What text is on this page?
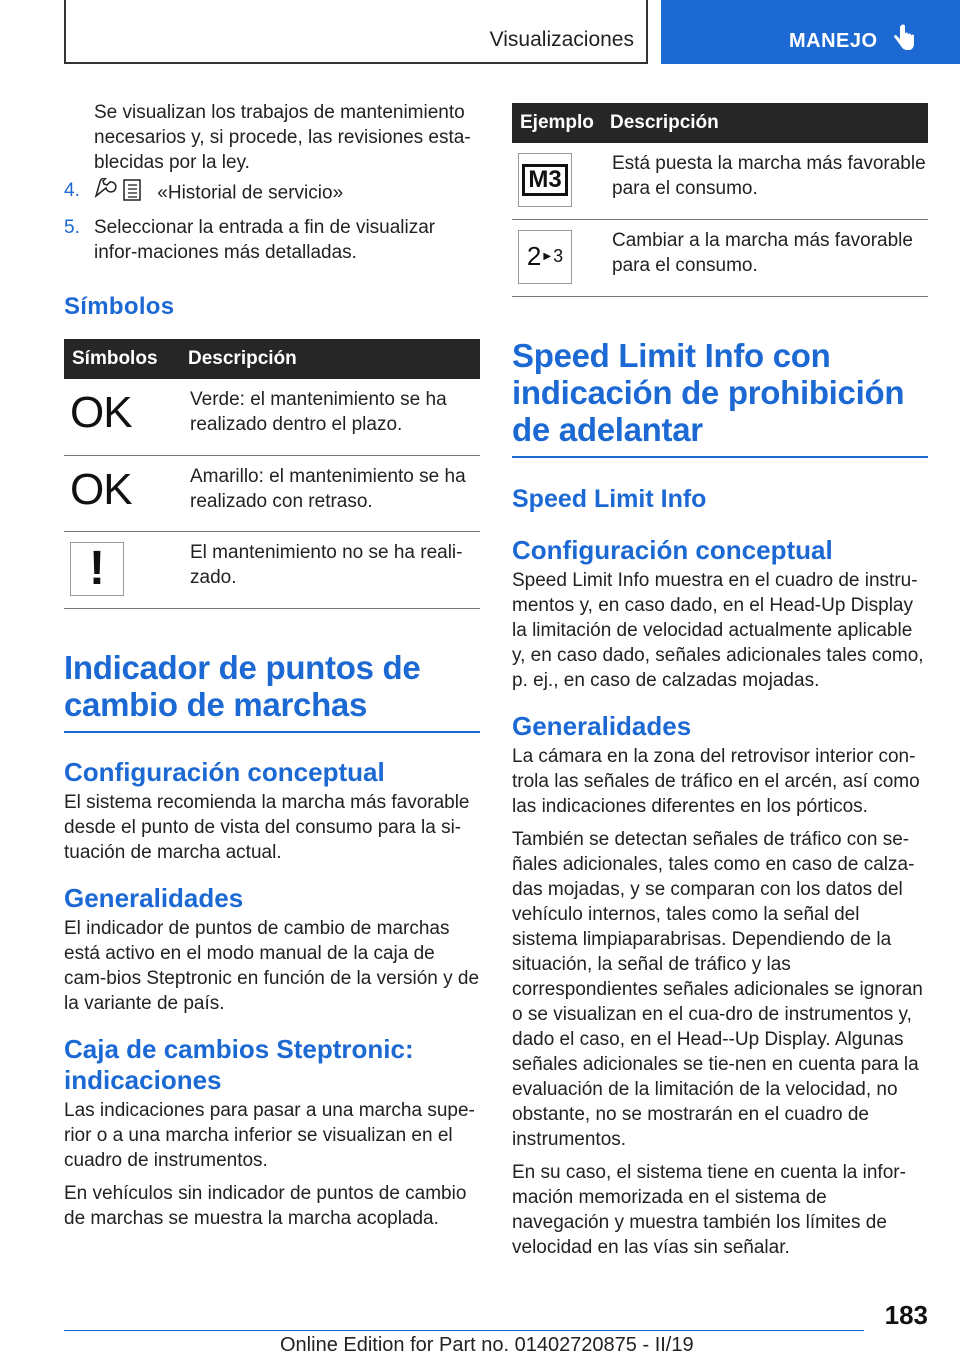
Visualizaciones	MANEJO

Se visualizan los trabajos de mantenimiento necesarios y, si procede, las revisiones esta-blecidas por la ley.

4.	«Historial de servicio»
5. Seleccionar la entrada a fin de visualizar infor-maciones más detalladas.
Símbolos
Símbolos	Descripción
OK	Verde: el mantenimiento se ha realizado dentro el plazo.
OK	Amarillo: el mantenimiento se ha realizado con retraso.

!	El mantenimiento no se ha reali-zado.
Indicador de puntos de cambio de marchas
Configuración conceptual

El sistema recomienda la marcha más favorable desde el punto de vista del consumo para la si-tuación de marcha actual.

Generalidades

El indicador de puntos de cambio de marchas está activo en el modo manual de la caja de cam-bios Steptronic en función de la versión y de la variante de país.

Caja de cambios Steptronic: indicaciones

Las indicaciones para pasar a una marcha supe-rior o a una marcha inferior se visualizan en el cuadro de instrumentos.

En vehículos sin indicador de puntos de cambio de marchas se muestra la marcha acoplada.

Ejemplo	Descripción

M3	Está puesta la marcha más favorable para el consumo.

2 ▶ 3	Cambiar a la marcha más favorable para el consumo.
Speed Limit Info con indicación de prohibición de adelantar
Speed Limit Info
Configuración conceptual

Speed Limit Info muestra en el cuadro de instru-mentos y, en caso dado, en el Head-Up Display la limitación de velocidad actualmente aplicable y, en caso dado, señales adicionales tales como, p. ej., en caso de calzadas mojadas.

Generalidades

La cámara en la zona del retrovisor interior con-trola las señales de tráfico en el arcén, así como las indicaciones diferentes en los pórticos.

También se detectan señales de tráfico con se-ñales adicionales, tales como en caso de calza-das mojadas, y se comparan con los datos del vehículo internos, tales como la señal del sistema limpiaparabrisas. Dependiendo de la situación, la señal de tráfico y las correspondientes señales adicionales se ignoran o se visualizan en el cua-dro de instrumentos y, dado el caso, en el Head--Up Display. Algunas señales adicionales se tie-nen en cuenta para la evaluación de la limitación de la velocidad, no obstante, no se mostrarán en el cuadro de instrumentos.

En su caso, el sistema tiene en cuenta la infor-mación memorizada en el sistema de navegación y muestra también los límites de velocidad en las vías sin señalar.

183
Online Edition for Part no. 01402720875 - II/19
